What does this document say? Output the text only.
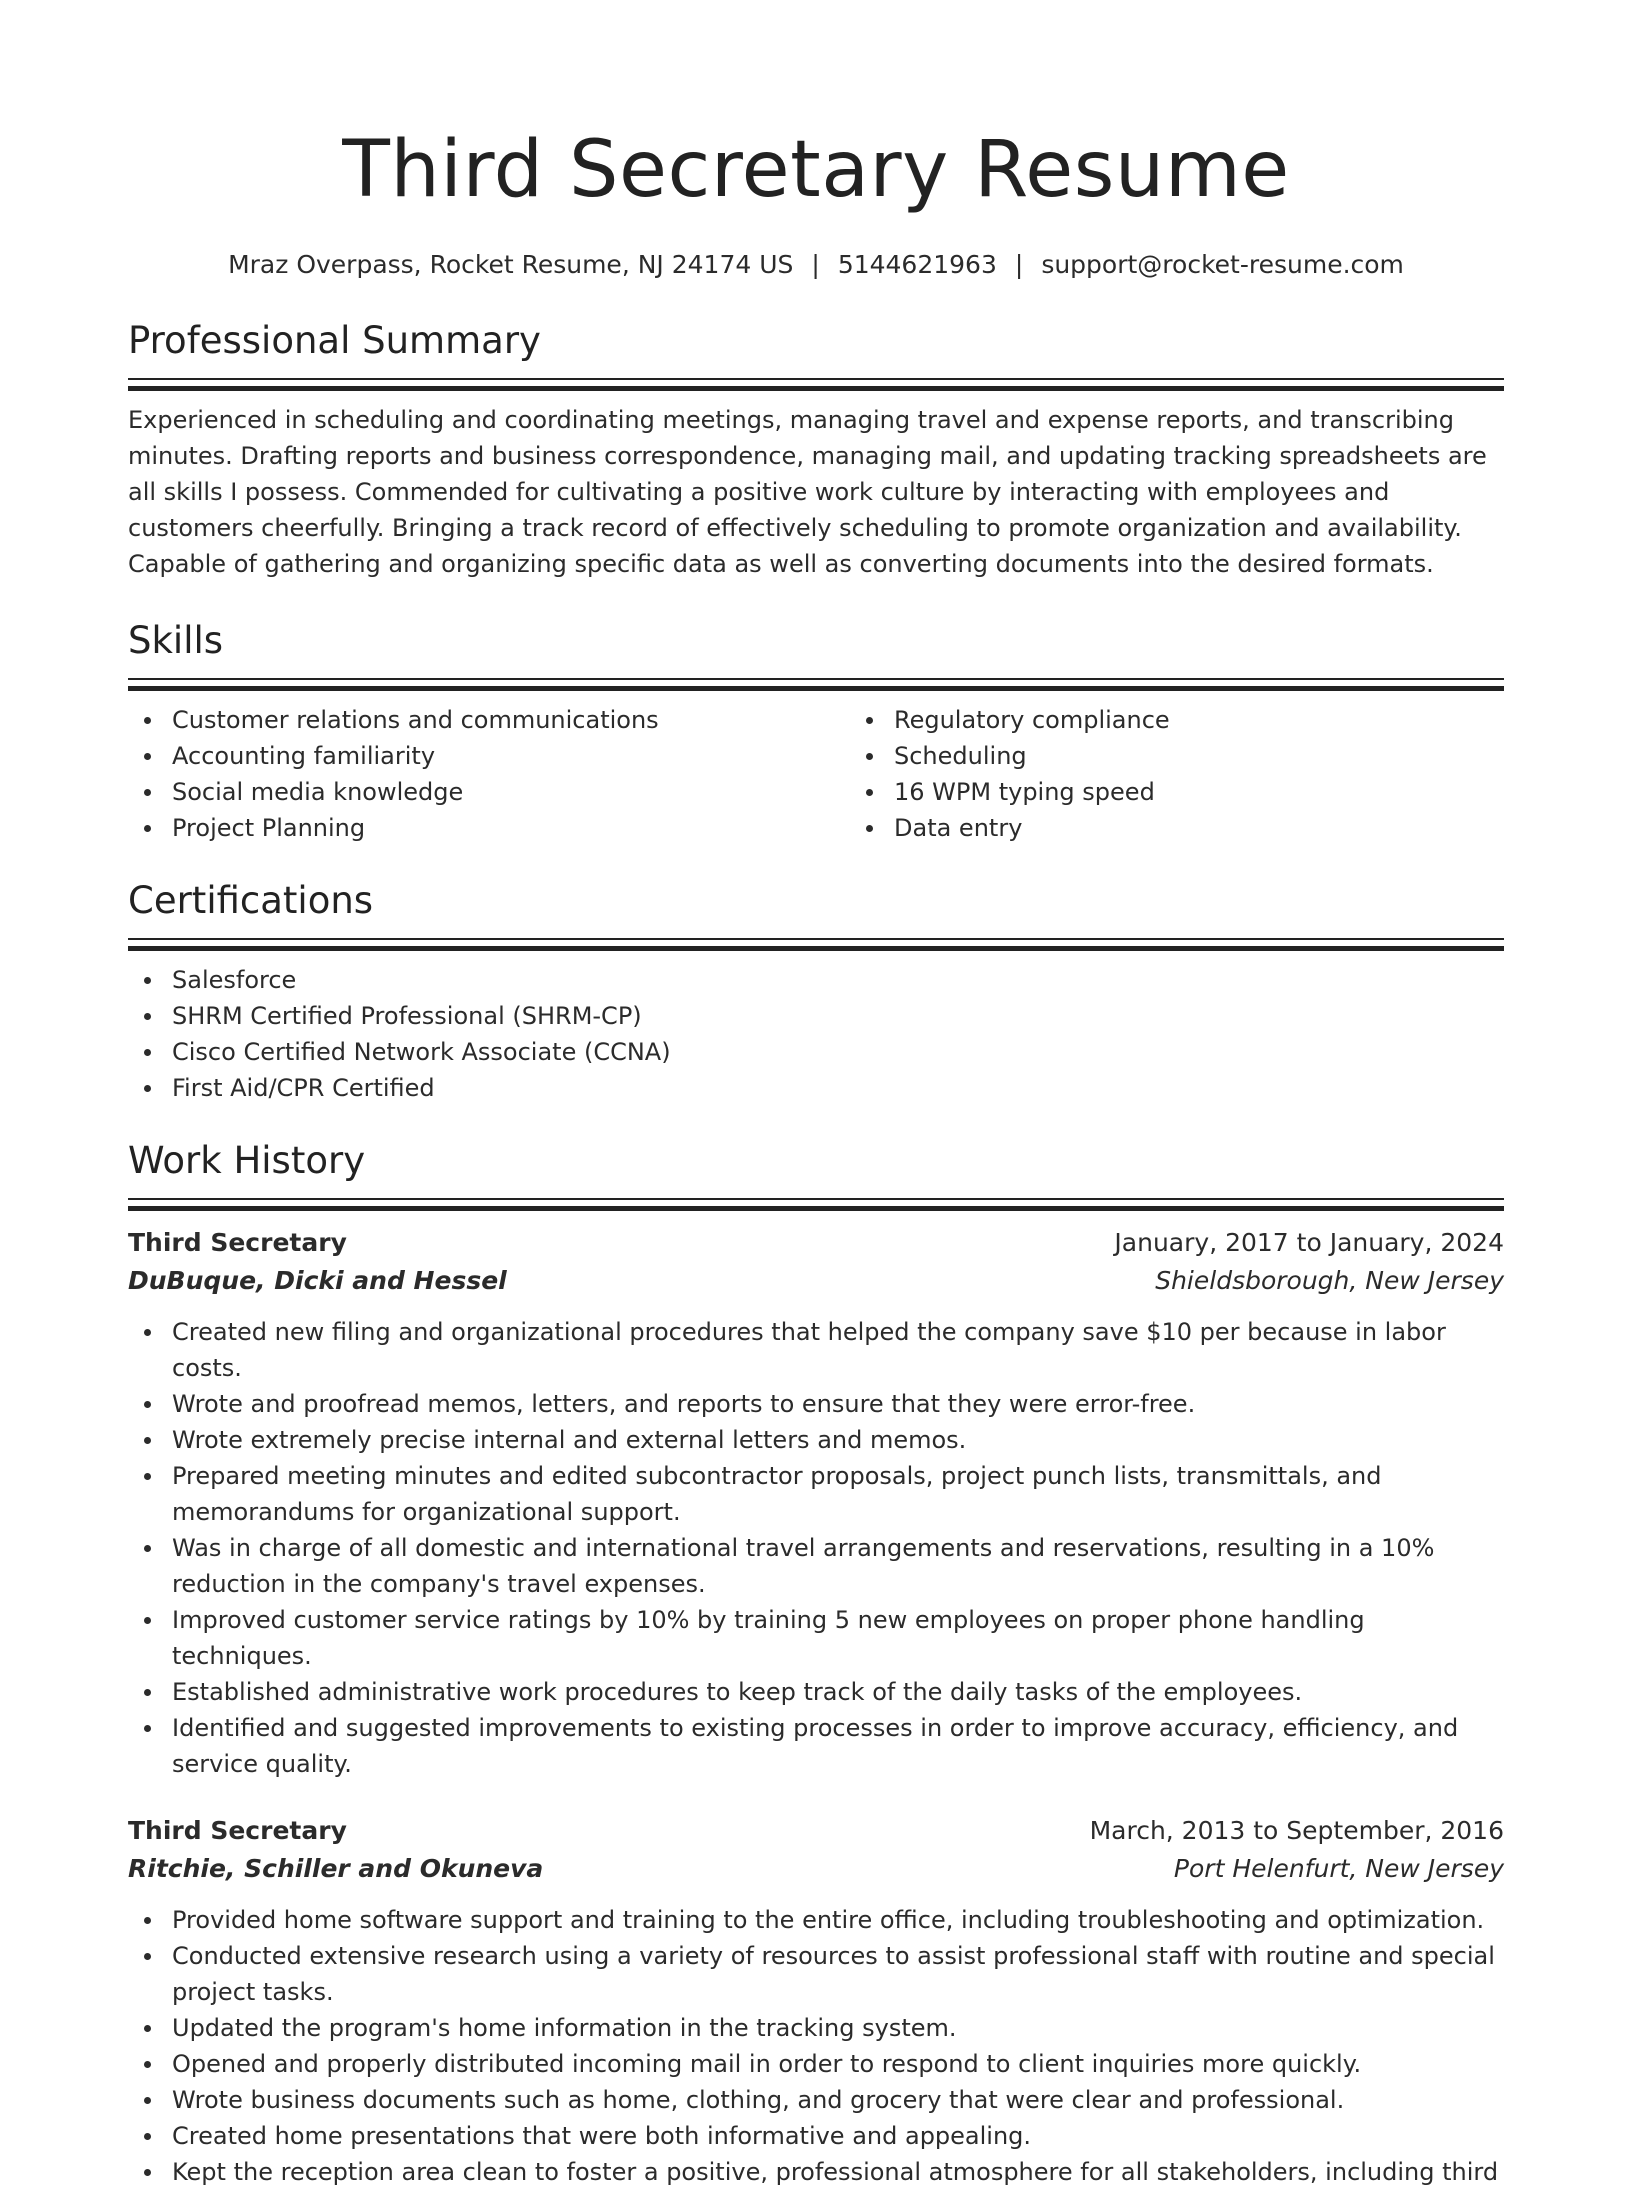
Third Secretary Resume
Mraz Overpass, Rocket Resume, NJ 24174 US | 5144621963 | support@rocket-resume.com
Professional Summary

Experienced in scheduling and coordinating meetings, managing travel and expense reports, and transcribing minutes. Drafting reports and business correspondence, managing mail, and updating tracking spreadsheets are all skills I possess. Commended for cultivating a positive work culture by interacting with employees and customers cheerfully. Bringing a track record of effectively scheduling to promote organization and availability. Capable of gathering and organizing specific data as well as converting documents into the desired formats.

Skills
Customer relations and communications
Accounting familiarity
Social media knowledge
Project Planning
Regulatory compliance
Scheduling
16 WPM typing speed
Data entry
Certifications
Salesforce
SHRM Certified Professional (SHRM-CP)
Cisco Certified Network Associate (CCNA)
First Aid/CPR Certified
Work History
Third Secretary	January, 2017 to January, 2024
DuBuque, Dicki and Hessel	Shieldsborough, New Jersey
Created new filing and organizational procedures that helped the company save $10 per because in labor costs.
Wrote and proofread memos, letters, and reports to ensure that they were error-free.
Wrote extremely precise internal and external letters and memos.
Prepared meeting minutes and edited subcontractor proposals, project punch lists, transmittals, and memorandums for organizational support.
Was in charge of all domestic and international travel arrangements and reservations, resulting in a 10% reduction in the company's travel expenses.
Improved customer service ratings by 10% by training 5 new employees on proper phone handling techniques.
Established administrative work procedures to keep track of the daily tasks of the employees.
Identified and suggested improvements to existing processes in order to improve accuracy, efficiency, and service quality.
Third Secretary	March, 2013 to September, 2016
Ritchie, Schiller and Okuneva	Port Helenfurt, New Jersey
Provided home software support and training to the entire office, including troubleshooting and optimization.
Conducted extensive research using a variety of resources to assist professional staff with routine and special project tasks.
Updated the program's home information in the tracking system.
Opened and properly distributed incoming mail in order to respond to client inquiries more quickly.
Wrote business documents such as home, clothing, and grocery that were clear and professional.
Created home presentations that were both informative and appealing.
Kept the reception area clean to foster a positive, professional atmosphere for all stakeholders, including third
